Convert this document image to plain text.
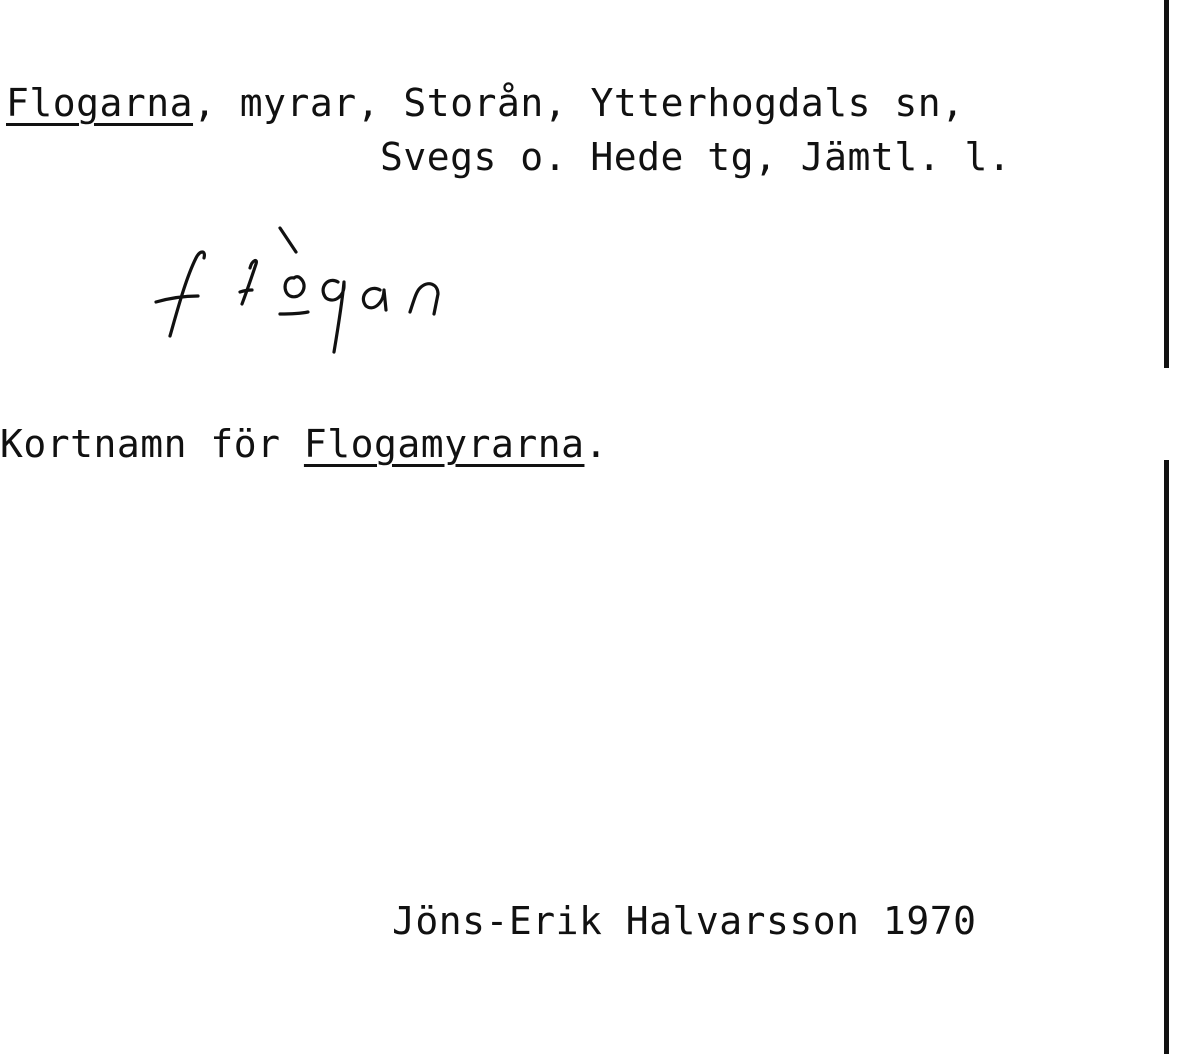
Flogarna, myrar, Storån, Ytterhogdals sn,
Svegs o. Hede tg, Jämtl. l.
Kortnamn för Flogamyrarna.
Jöns-Erik Halvarsson 1970
